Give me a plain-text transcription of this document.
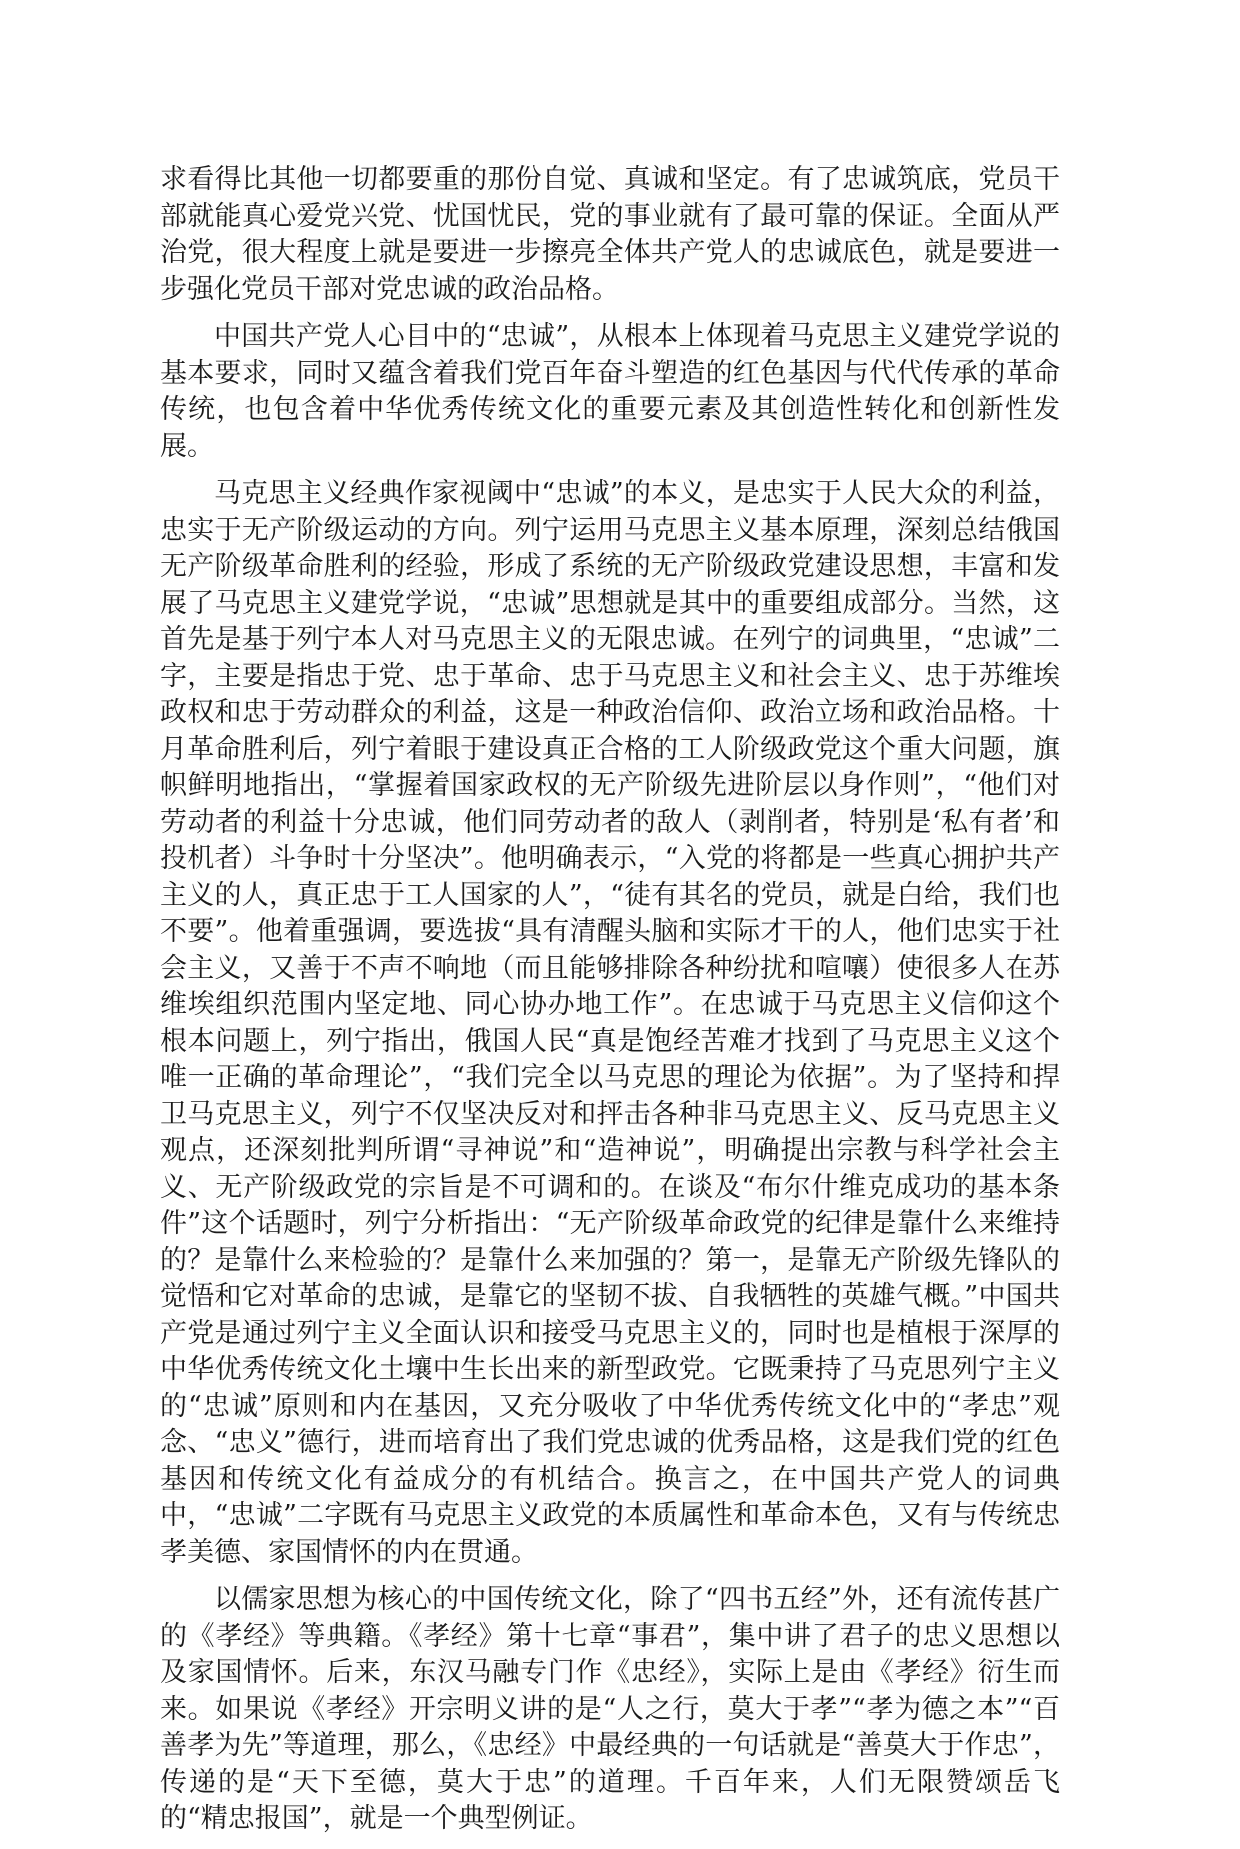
求看得比其他一切都要重的那份自觉、真诚和坚定。有了忠诚筑底，党员干部就能真心爱党兴党、忧国忧民，党的事业就有了最可靠的保证。全面从严治党，很大程度上就是要进一步擦亮全体共产党人的忠诚底色，就是要进一步强化党员干部对党忠诚的政治品格。

中国共产党人心目中的“忠诚”，从根本上体现着马克思主义建党学说的基本要求，同时又蕴含着我们党百年奋斗塑造的红色基因与代代传承的革命传统，也包含着中华优秀传统文化的重要元素及其创造性转化和创新性发展。

马克思主义经典作家视阈中“忠诚”的本义，是忠实于人民大众的利益，忠实于无产阶级运动的方向。列宁运用马克思主义基本原理，深刻总结俄国无产阶级革命胜利的经验，形成了系统的无产阶级政党建设思想，丰富和发展了马克思主义建党学说，“忠诚”思想就是其中的重要组成部分。当然，这首先是基于列宁本人对马克思主义的无限忠诚。在列宁的词典里，“忠诚”二字，主要是指忠于党、忠于革命、忠于马克思主义和社会主义、忠于苏维埃政权和忠于劳动群众的利益，这是一种政治信仰、政治立场和政治品格。十月革命胜利后，列宁着眼于建设真正合格的工人阶级政党这个重大问题，旗帜鲜明地指出，“掌握着国家政权的无产阶级先进阶层以身作则”，“他们对劳动者的利益十分忠诚，他们同劳动者的敌人（剥削者，特别是‘私有者’和投机者）斗争时十分坚决”。他明确表示，“入党的将都是一些真心拥护共产主义的人，真正忠于工人国家的人”，“徒有其名的党员，就是白给，我们也不要”。他着重强调，要选拔“具有清醒头脑和实际才干的人，他们忠实于社会主义，又善于不声不响地（而且能够排除各种纷扰和喧嚷）使很多人在苏维埃组织范围内坚定地、同心协办地工作”。在忠诚于马克思主义信仰这个根本问题上，列宁指出，俄国人民“真是饱经苦难才找到了马克思主义这个唯一正确的革命理论”，“我们完全以马克思的理论为依据”。为了坚持和捍卫马克思主义，列宁不仅坚决反对和抨击各种非马克思主义、反马克思主义观点，还深刻批判所谓“寻神说”和“造神说”，明确提出宗教与科学社会主义、无产阶级政党的宗旨是不可调和的。在谈及“布尔什维克成功的基本条件”这个话题时，列宁分析指出：“无产阶级革命政党的纪律是靠什么来维持的？是靠什么来检验的？是靠什么来加强的？第一，是靠无产阶级先锋队的觉悟和它对革命的忠诚，是靠它的坚韧不拔、自我牺牲的英雄气概。”中国共产党是通过列宁主义全面认识和接受马克思主义的，同时也是植根于深厚的中华优秀传统文化土壤中生长出来的新型政党。它既秉持了马克思列宁主义的“忠诚”原则和内在基因，又充分吸收了中华优秀传统文化中的“孝忠”观念、“忠义”德行，进而培育出了我们党忠诚的优秀品格，这是我们党的红色基因和传统文化有益成分的有机结合。换言之，在中国共产党人的词典中，“忠诚”二字既有马克思主义政党的本质属性和革命本色，又有与传统忠孝美德、家国情怀的内在贯通。

以儒家思想为核心的中国传统文化，除了“四书五经”外，还有流传甚广的《孝经》等典籍。《孝经》第十七章“事君”，集中讲了君子的忠义思想以及家国情怀。后来，东汉马融专门作《忠经》，实际上是由《孝经》衍生而来。如果说《孝经》开宗明义讲的是“人之行，莫大于孝”“孝为德之本”“百善孝为先”等道理，那么，《忠经》中最经典的一句话就是“善莫大于作忠”，传递的是“天下至德，莫大于忠”的道理。千百年来，人们无限赞颂岳飞的“精忠报国”，就是一个典型例证。
